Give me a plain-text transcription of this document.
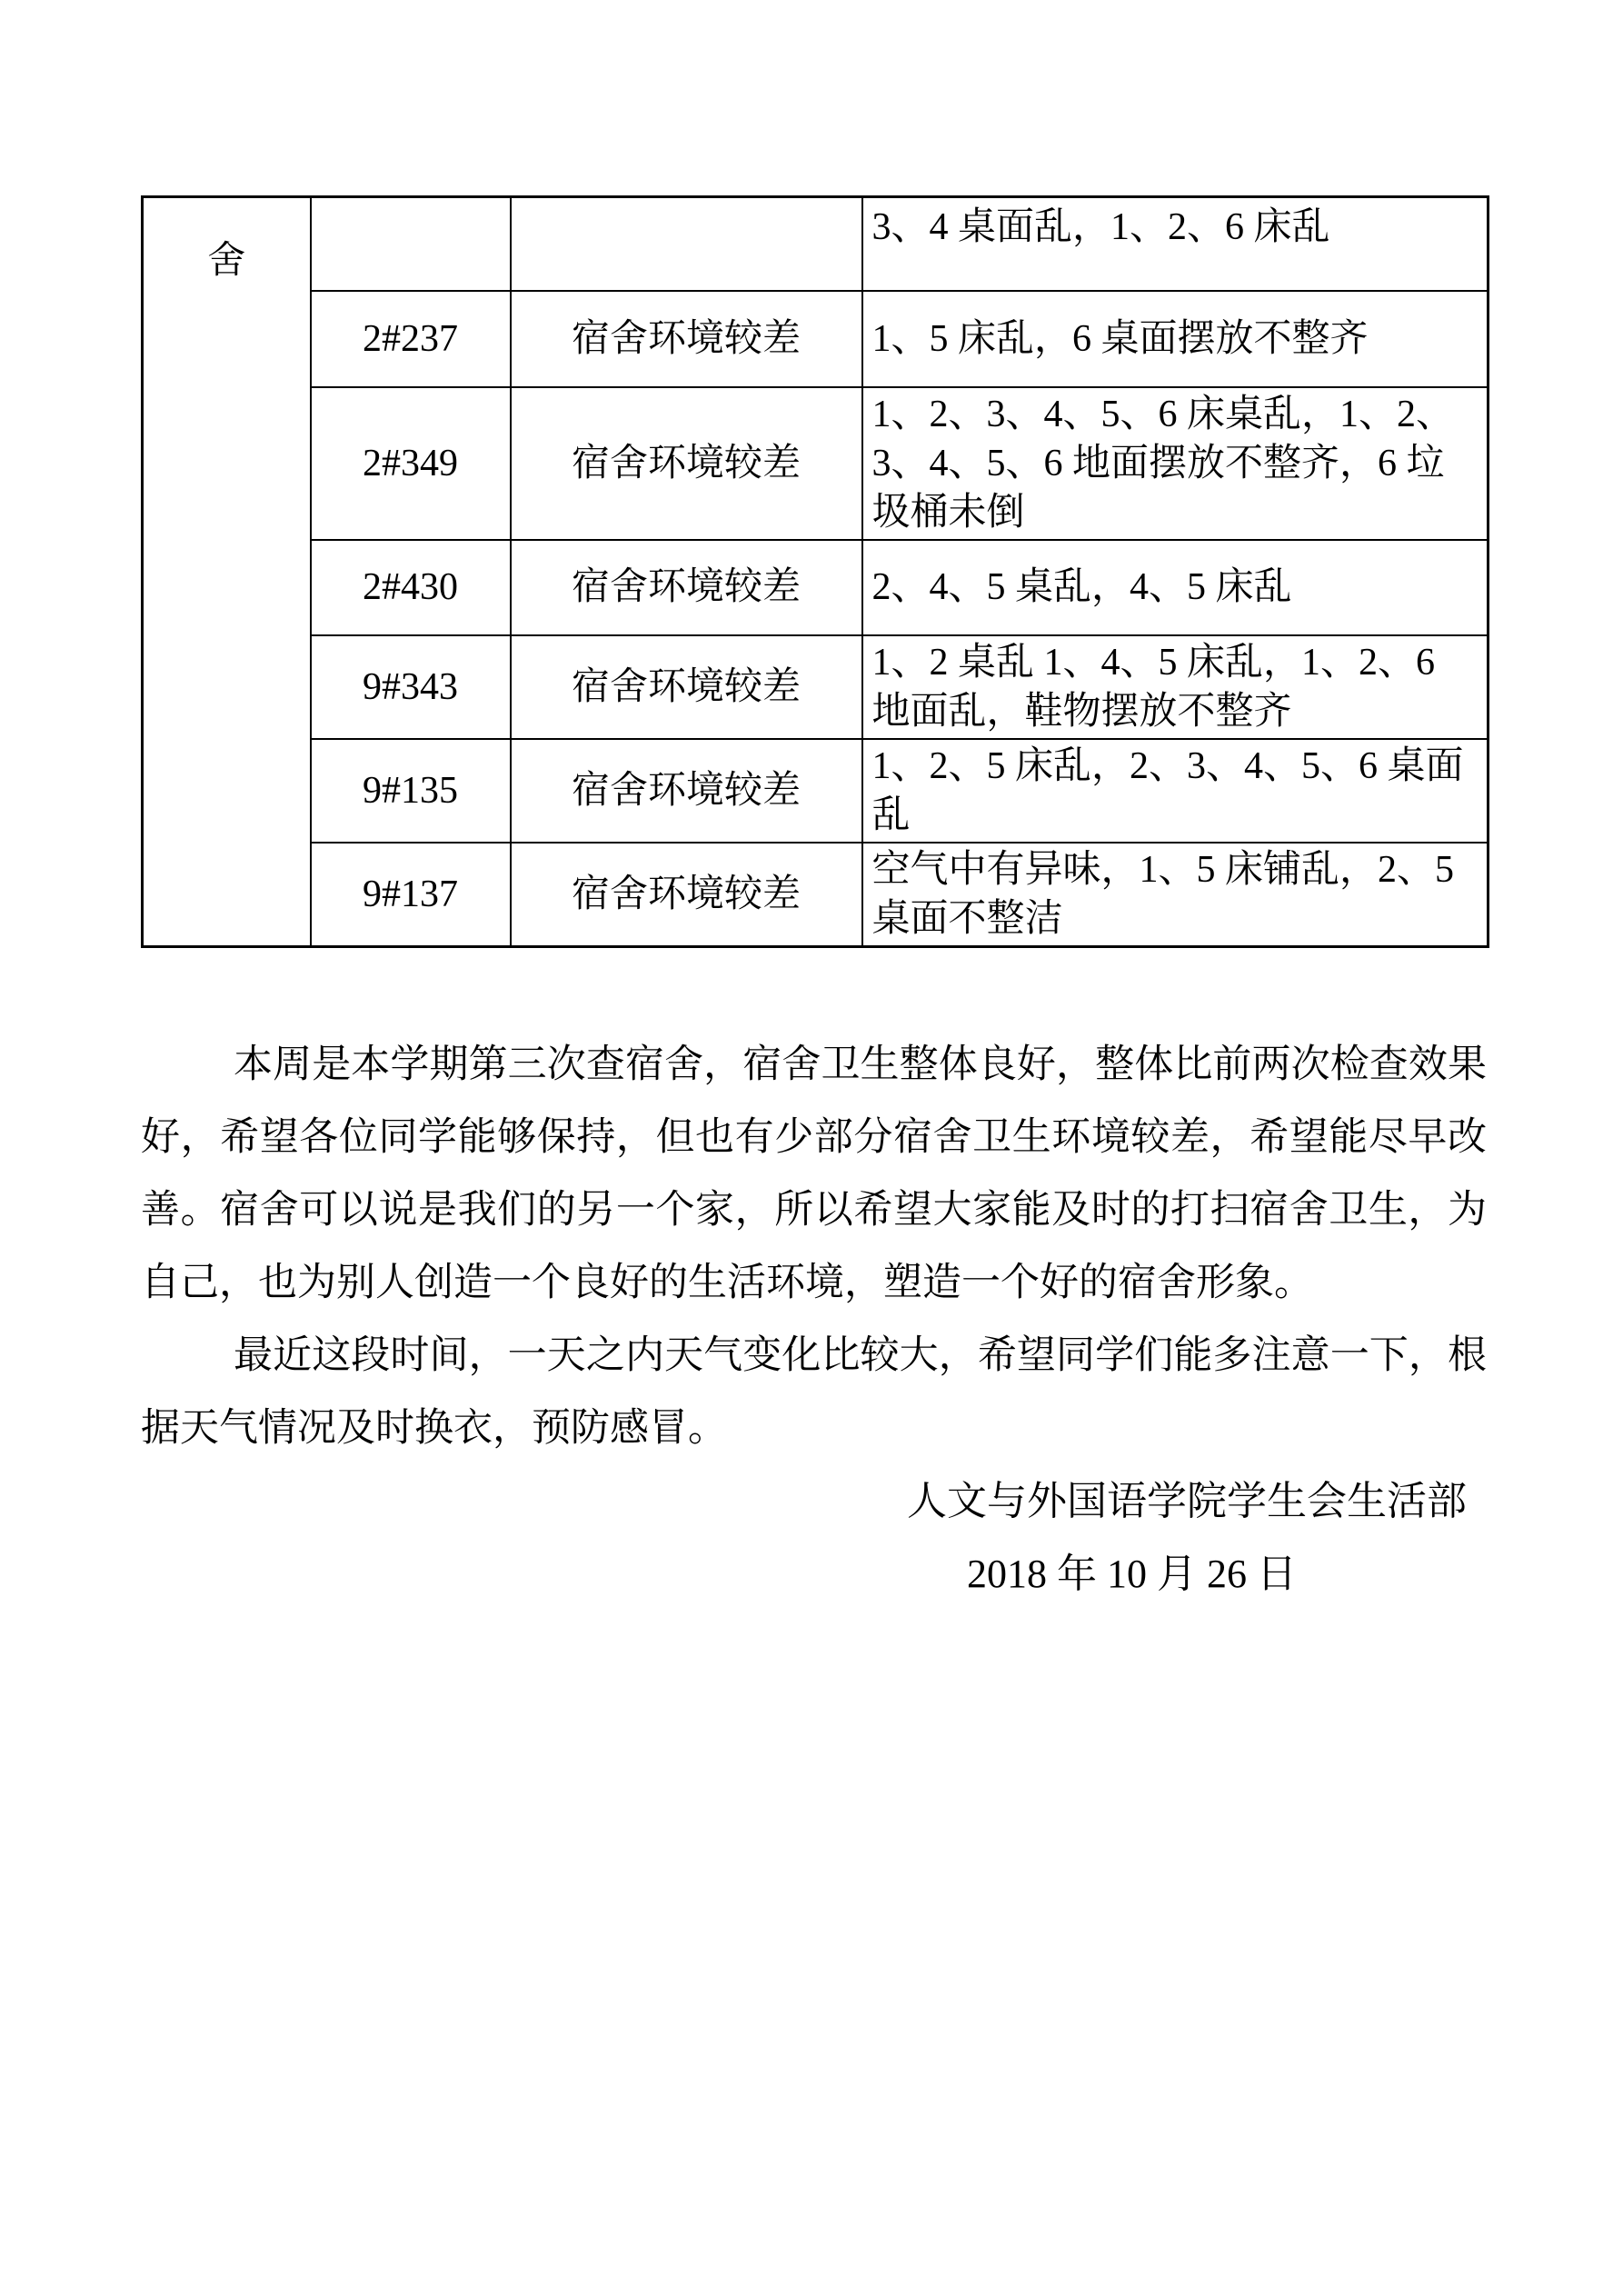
舍			3、4 桌面乱，1、2、6 床乱
	2#237	宿舍环境较差	1、5 床乱，6 桌面摆放不整齐
	2#349	宿舍环境较差	1、2、3、4、5、6 床桌乱，1、2、3、4、5、6 地面摆放不整齐，6 垃圾桶未倒
	2#430	宿舍环境较差	2、4、5 桌乱，4、5 床乱
	9#343	宿舍环境较差	1、2 桌乱 1、4、5 床乱，1、2、6 地面乱，鞋物摆放不整齐
	9#135	宿舍环境较差	1、2、5 床乱，2、3、4、5、6 桌面乱
	9#137	宿舍环境较差	空气中有异味，1、5 床铺乱，2、5 桌面不整洁

本周是本学期第三次查宿舍，宿舍卫生整体良好，整体比前两次检查效果好，希望各位同学能够保持，但也有少部分宿舍卫生环境较差，希望能尽早改善。宿舍可以说是我们的另一个家，所以希望大家能及时的打扫宿舍卫生，为自己，也为别人创造一个良好的生活环境，塑造一个好的宿舍形象。

最近这段时间，一天之内天气变化比较大，希望同学们能多注意一下，根据天气情况及时换衣，预防感冒。

人文与外国语学院学生会生活部
2018 年 10 月 26 日
